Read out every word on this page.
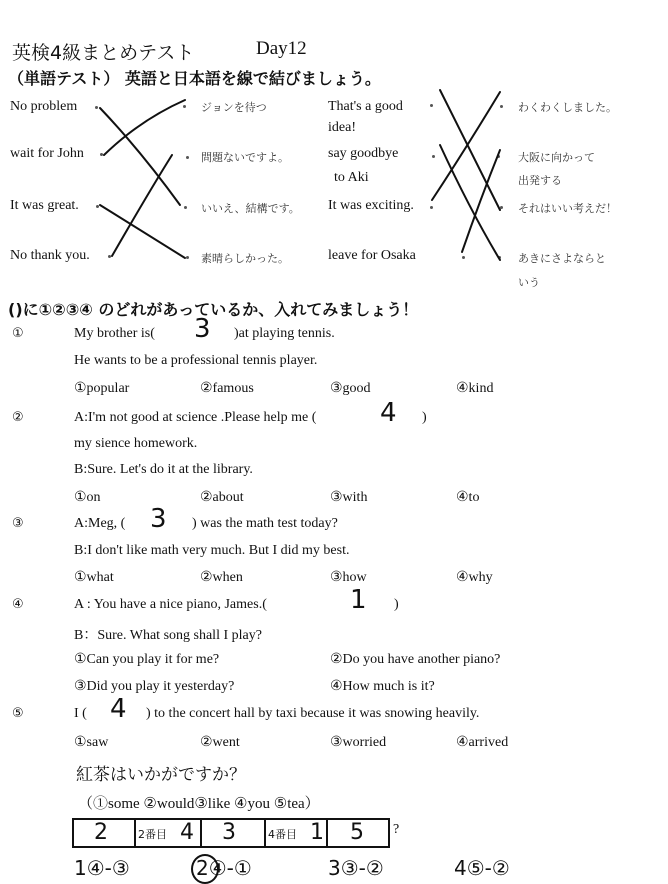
英検4級まとめテスト	Day12
（単語テスト） 英語と日本語を線で結びましょう。
No problem
wait for John
It was great.
No thank you.
ジョンを待つ
問題ないですよ。
いいえ、結構です。
素晴らしかった。
That's a good
idea!
say goodbye
to Aki
It was exciting.
leave for Osaka
わくわくしました。
大阪に向かって
出発する
それはいい考えだ！
あきにさよならと
いう
()に①②③④ のどれがあっているか、入れてみましょう！
①	My brother is( 3 )at playing tennis.
He wants to be a professional tennis player.
①popular	②famous	③good	④kind
②	A:I'm not good at science .Please help me ( 4 )
my sience homework.
B:Sure. Let's do it at the library.
①on	②about	③with	④to
③	A:Meg, ( 3 ) was the math test today?
B:I don't like math very much. But I did my best.
①what	②when	③how	④why
④	A : You have a nice piano, James.(	1 )
B：Sure. What song shall I play?
①Can you play it for me?	②Do you have another piano?
③Did you play it yesterday?	④How much is it?
⑤	I ( 4 ) to the concert hall by taxi because it was snowing heavily.
①saw	②went	③worried	④arrived
紅茶はいかがですか？
（①some ②would③like ④you ⑤tea）
2	2番目 4 3	4番目 1 5 ?
1④-③	2④-①	3③-②	4⑤-②
